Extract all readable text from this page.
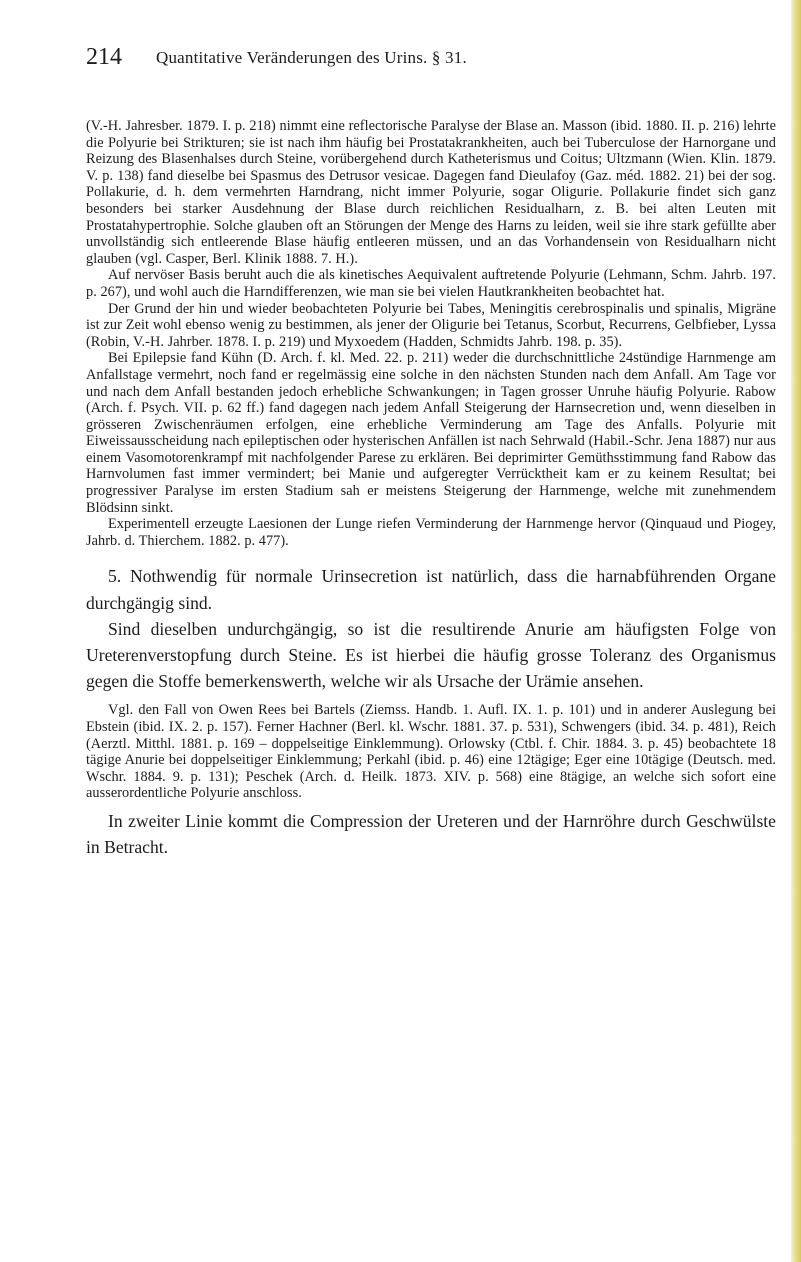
214 Quantitative Veränderungen des Urins. § 31.

(V.-H. Jahresber. 1879. I. p. 218) nimmt eine reflectorische Paralyse der Blase an. Masson (ibid. 1880. II. p. 216) lehrte die Polyurie bei Strikturen; sie ist nach ihm häufig bei Prostatakrankheiten, auch bei Tuberculose der Harnorgane und Reizung des Blasenhalses durch Steine, vorübergehend durch Katheterismus und Coitus; Ultzmann (Wien. Klin. 1879. V. p. 138) fand dieselbe bei Spasmus des Detrusor vesicae. Dagegen fand Dieulafoy (Gaz. méd. 1882. 21) bei der sog. Pollakurie, d. h. dem vermehrten Harndrang, nicht immer Polyurie, sogar Oligurie. Pollakurie findet sich ganz besonders bei starker Ausdehnung der Blase durch reichlichen Residualharn, z. B. bei alten Leuten mit Prostatahypertrophie. Solche glauben oft an Störungen der Menge des Harns zu leiden, weil sie ihre stark gefüllte aber unvollständig sich entleerende Blase häufig entleeren müssen, und an das Vorhandensein von Residualharn nicht glauben (vgl. Casper, Berl. Klinik 1888. 7. H.).

Auf nervöser Basis beruht auch die als kinetisches Aequivalent auftretende Polyurie (Lehmann, Schm. Jahrb. 197. p. 267), und wohl auch die Harndifferenzen, wie man sie bei vielen Hautkrankheiten beobachtet hat.

Der Grund der hin und wieder beobachteten Polyurie bei Tabes, Meningitis cerebrospinalis und spinalis, Migräne ist zur Zeit wohl ebenso wenig zu bestimmen, als jener der Oligurie bei Tetanus, Scorbut, Recurrens, Gelbfieber, Lyssa (Robin, V.-H. Jahrber. 1878. I. p. 219) und Myxoedem (Hadden, Schmidts Jahrb. 198. p. 35).

Bei Epilepsie fand Kühn (D. Arch. f. kl. Med. 22. p. 211) weder die durchschnittliche 24stündige Harnmenge am Anfallstage vermehrt, noch fand er regelmässig eine solche in den nächsten Stunden nach dem Anfall. Am Tage vor und nach dem Anfall bestanden jedoch erhebliche Schwankungen; in Tagen grosser Unruhe häufig Polyurie. Rabow (Arch. f. Psych. VII. p. 62 ff.) fand dagegen nach jedem Anfall Steigerung der Harnsecretion und, wenn dieselben in grösseren Zwischenräumen erfolgen, eine erhebliche Verminderung am Tage des Anfalls. Polyurie mit Eiweissausscheidung nach epileptischen oder hysterischen Anfällen ist nach Sehrwald (Habil.-Schr. Jena 1887) nur aus einem Vasomotorenkrampf mit nachfolgender Parese zu erklären. Bei deprimirter Gemüthsstimmung fand Rabow das Harnvolumen fast immer vermindert; bei Manie und aufgeregter Verrücktheit kam er zu keinem Resultat; bei progressiver Paralyse im ersten Stadium sah er meistens Steigerung der Harnmenge, welche mit zunehmendem Blödsinn sinkt.

Experimentell erzeugte Laesionen der Lunge riefen Verminderung der Harnmenge hervor (Qinquaud und Piogey, Jahrb. d. Thierchem. 1882. p. 477).

5. Nothwendig für normale Urinsecretion ist natürlich, dass die harnabführenden Organe durchgängig sind.

Sind dieselben undurchgängig, so ist die resultirende Anurie am häufigsten Folge von Ureterenverstopfung durch Steine. Es ist hierbei die häufig grosse Toleranz des Organismus gegen die Stoffe bemerkenswerth, welche wir als Ursache der Urämie ansehen.

Vgl. den Fall von Owen Rees bei Bartels (Ziemss. Handb. 1. Aufl. IX. 1. p. 101) und in anderer Auslegung bei Ebstein (ibid. IX. 2. p. 157). Ferner Hachner (Berl. kl. Wschr. 1881. 37. p. 531), Schwengers (ibid. 34. p. 481), Reich (Aerztl. Mitthl. 1881. p. 169 – doppelseitige Einklemmung). Orlowsky (Ctbl. f. Chir. 1884. 3. p. 45) beobachtete 18 tägige Anurie bei doppelseitiger Einklemmung; Perkahl (ibid. p. 46) eine 12tägige; Eger eine 10tägige (Deutsch. med. Wschr. 1884. 9. p. 131); Peschek (Arch. d. Heilk. 1873. XIV. p. 568) eine 8tägige, an welche sich sofort eine ausserordentliche Polyurie anschloss.

In zweiter Linie kommt die Compression der Ureteren und der Harnröhre durch Geschwülste in Betracht.
